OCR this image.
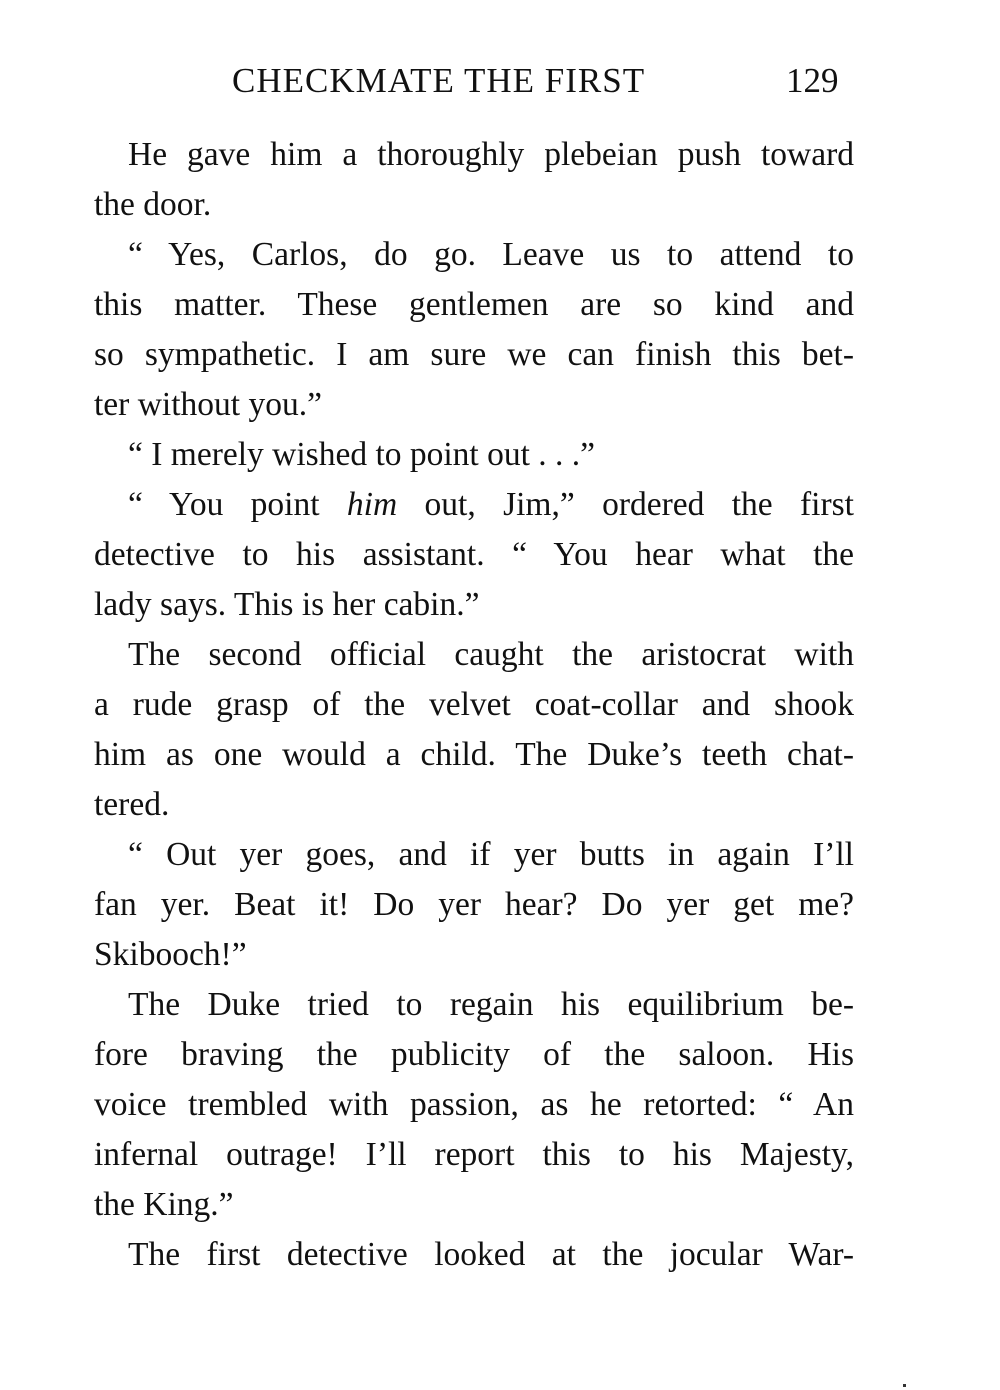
CHECKMATE THE FIRST	129
He gave him a thoroughly plebeian push toward
the door.
“ Yes, Carlos, do go. Leave us to attend to
this matter. These gentlemen are so kind and
so sympathetic. I am sure we can finish this bet-
ter without you.”
“ I merely wished to point out . . .”
“ You point him out, Jim,” ordered the first
detective to his assistant. “ You hear what the
lady says. This is her cabin.”
The second official caught the aristocrat with
a rude grasp of the velvet coat-collar and shook
him as one would a child. The Duke’s teeth chat-
tered.
“ Out yer goes, and if yer butts in again I’ll
fan yer. Beat it! Do yer hear? Do yer get me?
Skibooch!”
The Duke tried to regain his equilibrium be-
fore braving the publicity of the saloon. His
voice trembled with passion, as he retorted: “ An
infernal outrage! I’ll report this to his Majesty,
the King.”
The first detective looked at the jocular War-
